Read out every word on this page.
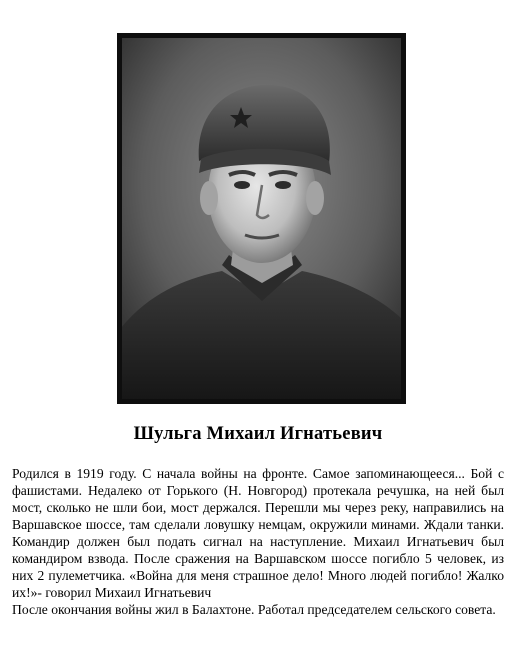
Шульга Михаил Игнатьевич

Родился в 1919 году. С начала войны на фронте. Самое запоминающееся... Бой с фашистами. Недалеко от Горького (Н. Новгород) протекала речушка, на ней был мост, сколько не шли бои, мост держался. Перешли мы через реку, направились на Варшавское шоссе, там сделали ловушку немцам, окружили минами. Ждали танки. Командир должен был подать сигнал на наступление. Михаил Игнатьевич был командиром взвода. После сражения на Варшавском шоссе погибло 5 человек, из них 2 пулеметчика. «Война для меня страшное дело! Много людей погибло! Жалко их!»- говорил Михаил Игнатьевич

После окончания войны жил в Балахтоне. Работал председателем сельского совета.
